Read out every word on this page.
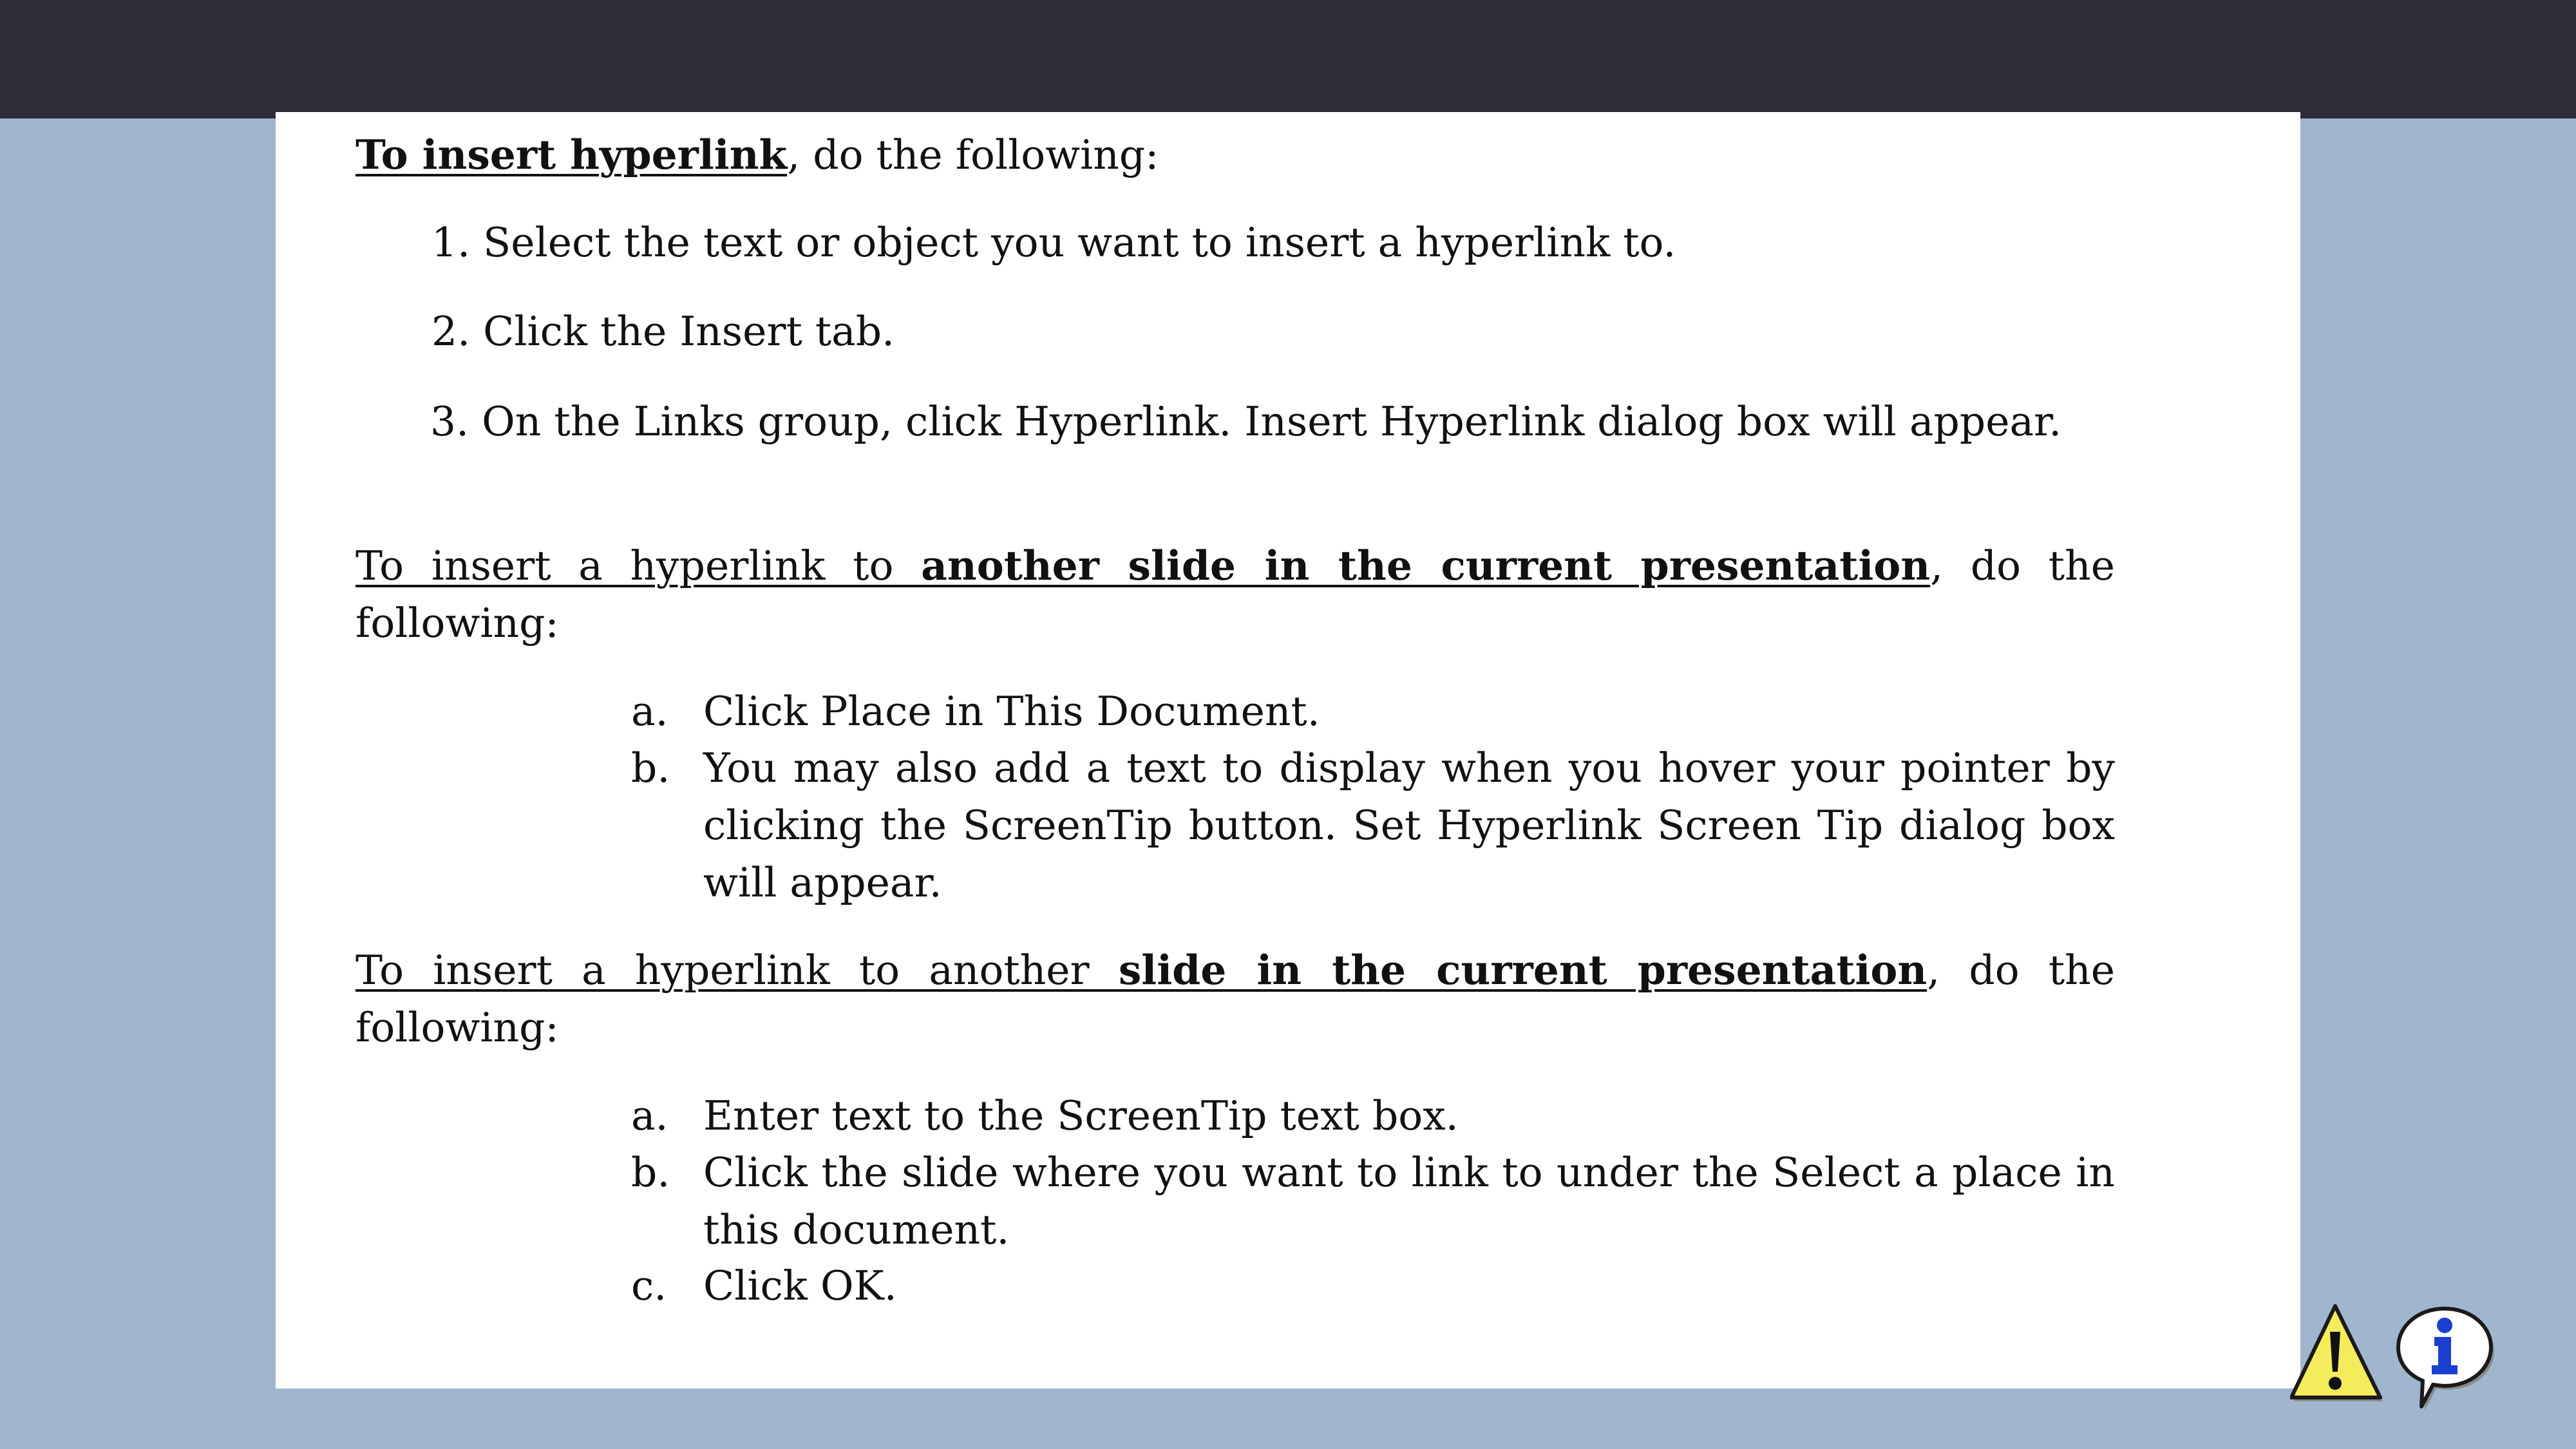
To insert hyperlink, do the following:
1. Select the text or object you want to insert a hyperlink to.
2. Click the Insert tab.
3. On the Links group, click Hyperlink. Insert Hyperlink dialog box will appear.
To insert a hyperlink to another slide in the current presentation, do the following:
a. Click Place in This Document.
b. You may also add a text to display when you hover your pointer by clicking the ScreenTip button. Set Hyperlink Screen Tip dialog box will appear.
To insert a hyperlink to another slide in the current presentation, do the following:
a. Enter text to the ScreenTip text box.
b. Click the slide where you want to link to under the Select a place in this document.
c. Click OK.
